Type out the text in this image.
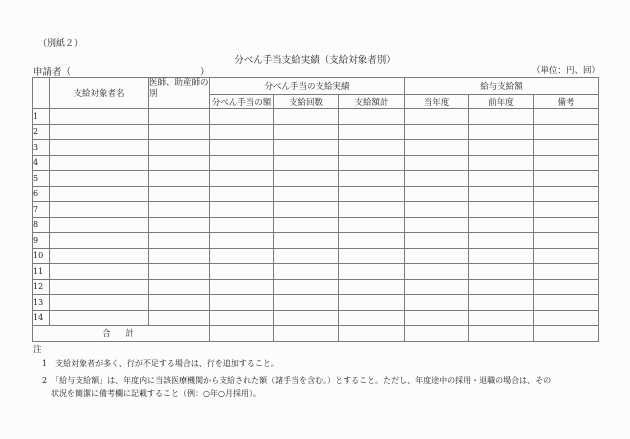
（別紙２）
分べん手当支給実績（支給対象者別）
申請者（	）	（単位：円、回）
	支給対象者名	医師、助産師の別	分べん手当の支給実績			給与支給額		
			分べん手当の額	支給回数	支給額計	当年度	前年度	備考
1								
2								
3								
4								
5								
6								
7								
8								
9								
10								
11								
12								
13								
14								
合 計								
注
1　支給対象者が多く、行が不足する場合は、行を追加すること。
2　「給与支給額」は、年度内に当該医療機関から支給された額（諸手当を含む。）とすること。ただし、年度途中の採用・退職の場合は、その
状況を簡潔に備考欄に記載すること（例：○年○月採用）。
